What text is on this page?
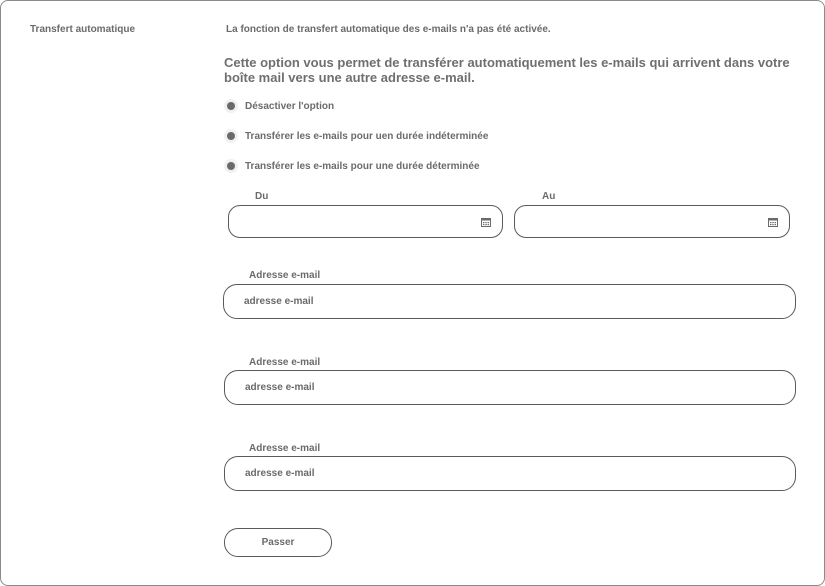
Transfert automatique	La fonction de transfert automatique des e-mails n'a pas été activée.
Cette option vous permet de transférer automatiquement les e-mails qui arrivent dans votre boîte mail vers une autre adresse e-mail.
Désactiver l'option
Transférer les e-mails pour uen durée indéterminée
Transférer les e-mails pour une durée déterminée
Du	Au
Adresse e-mail
adresse e-mail
Adresse e-mail
adresse e-mail
Adresse e-mail
adresse e-mail
Passer
